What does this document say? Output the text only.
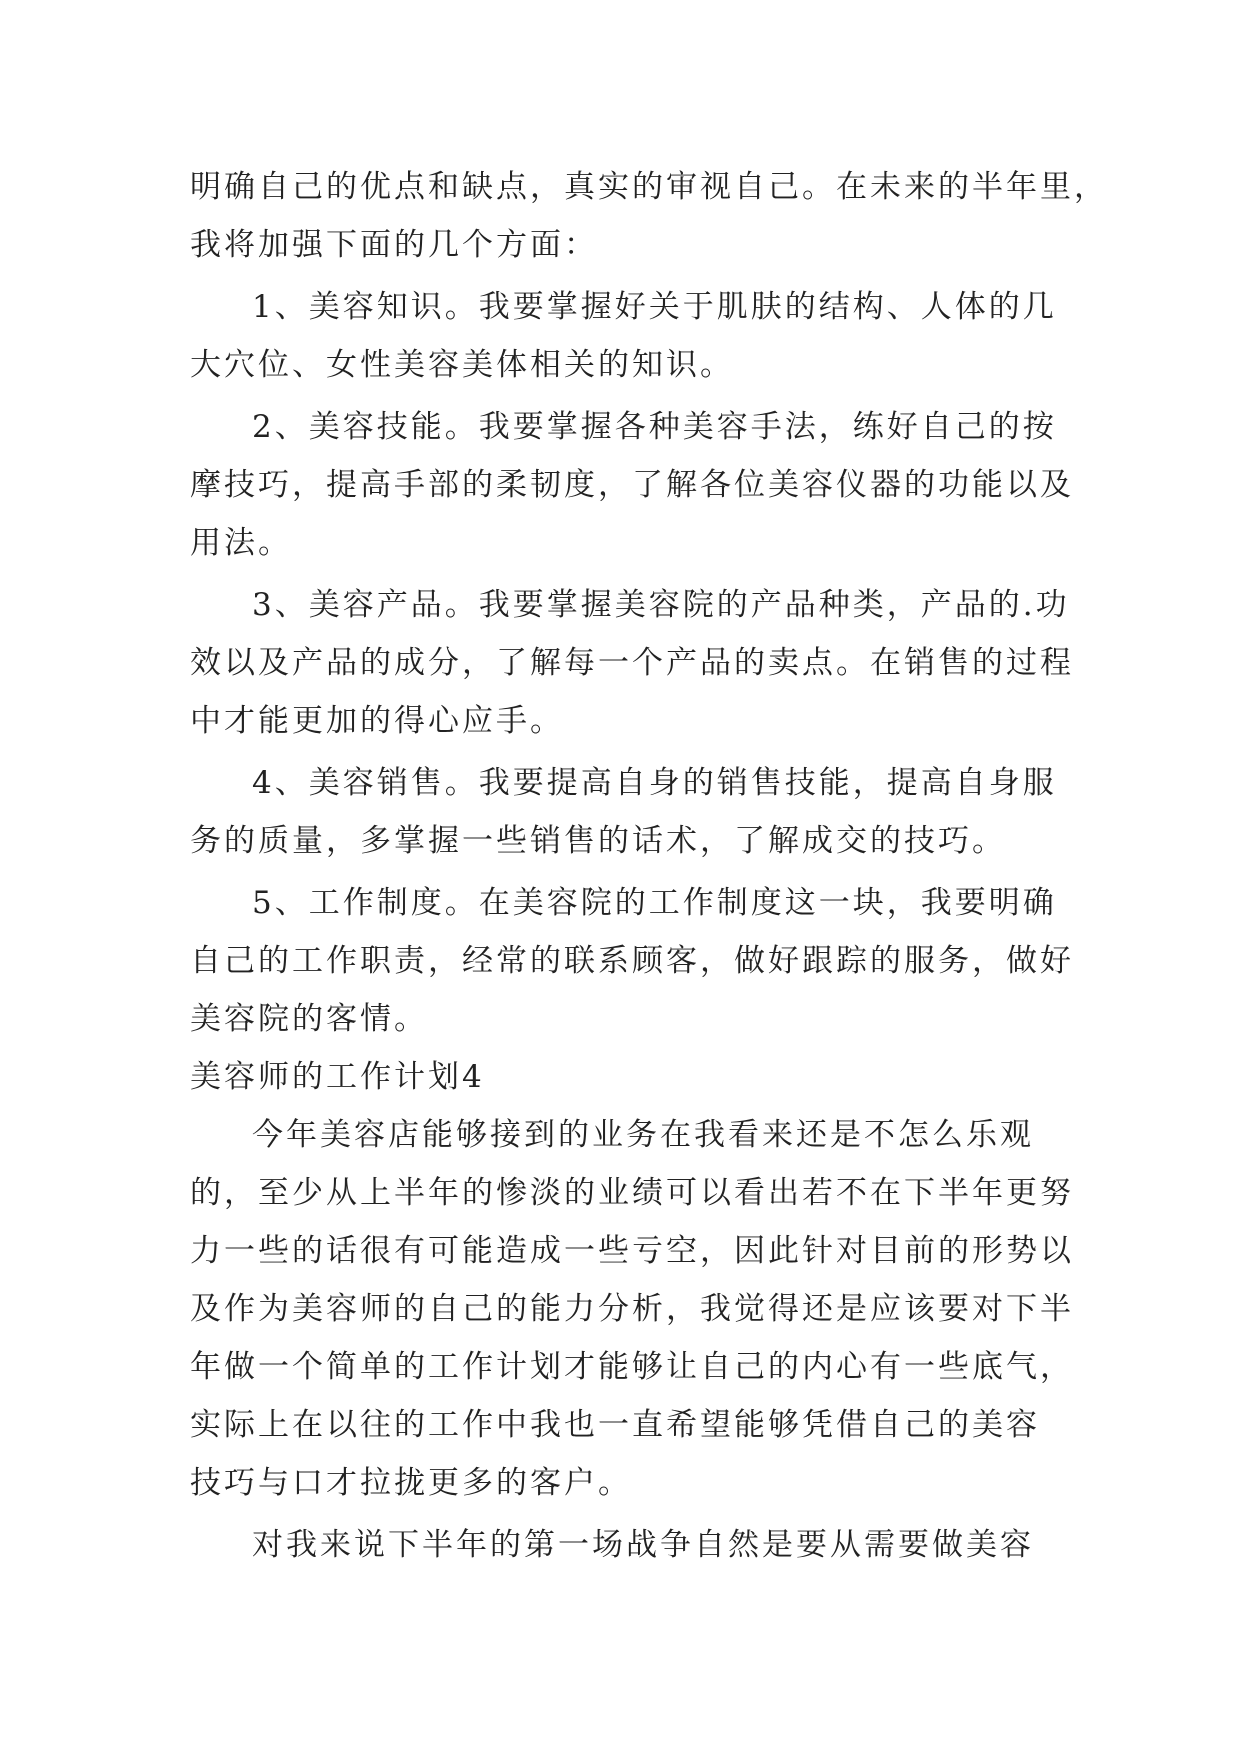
明确自己的优点和缺点，真实的审视自己。在未来的半年里，
我将加强下面的几个方面：
1、美容知识。我要掌握好关于肌肤的结构、人体的几
大穴位、女性美容美体相关的知识。
2、美容技能。我要掌握各种美容手法，练好自己的按
摩技巧，提高手部的柔韧度，了解各位美容仪器的功能以及
用法。
3、美容产品。我要掌握美容院的产品种类，产品的.功
效以及产品的成分，了解每一个产品的卖点。在销售的过程
中才能更加的得心应手。
4、美容销售。我要提高自身的销售技能，提高自身服
务的质量，多掌握一些销售的话术，了解成交的技巧。
5、工作制度。在美容院的工作制度这一块，我要明确
自己的工作职责，经常的联系顾客，做好跟踪的服务，做好
美容院的客情。
美容师的工作计划4
今年美容店能够接到的业务在我看来还是不怎么乐观
的，至少从上半年的惨淡的业绩可以看出若不在下半年更努
力一些的话很有可能造成一些亏空，因此针对目前的形势以
及作为美容师的自己的能力分析，我觉得还是应该要对下半
年做一个简单的工作计划才能够让自己的内心有一些底气，
实际上在以往的工作中我也一直希望能够凭借自己的美容
技巧与口才拉拢更多的客户。
对我来说下半年的第一场战争自然是要从需要做美容
